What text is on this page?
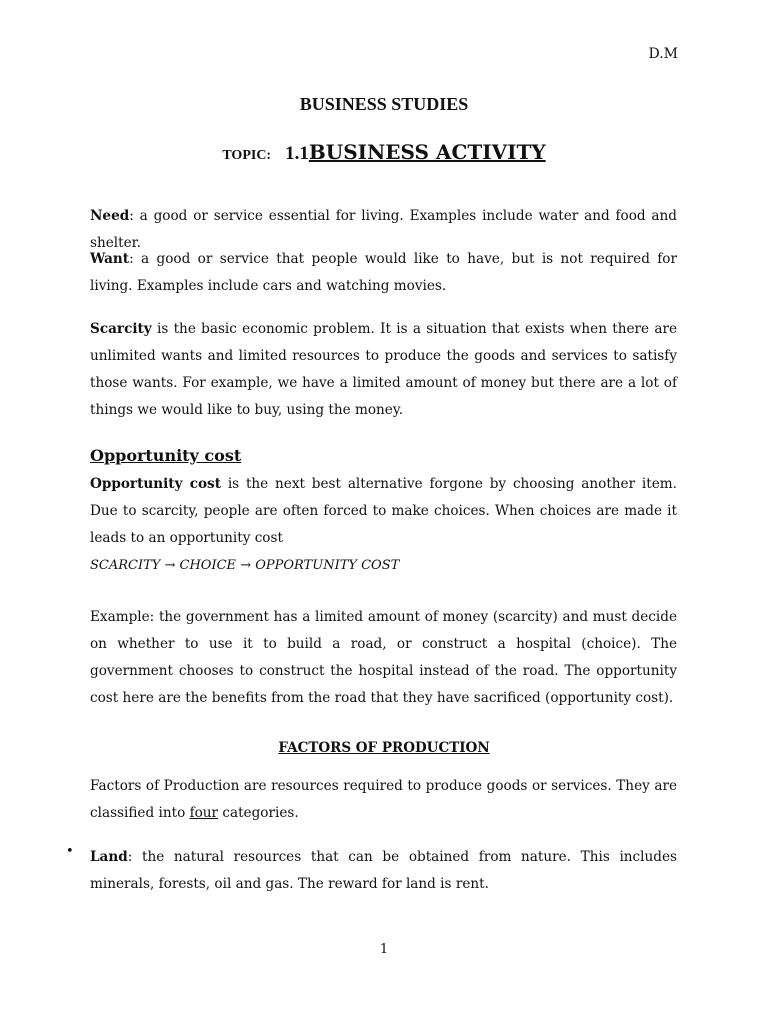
D.M
BUSINESS STUDIES
TOPIC: 1.1BUSINESS ACTIVITY

Need: a good or service essential for living. Examples include water and food and shelter.

Want: a good or service that people would like to have, but is not required for living. Examples include cars and watching movies.

Scarcity is the basic economic problem. It is a situation that exists when there are unlimited wants and limited resources to produce the goods and services to satisfy those wants. For example, we have a limited amount of money but there are a lot of things we would like to buy, using the money.

Opportunity cost

Opportunity cost is the next best alternative forgone by choosing another item. Due to scarcity, people are often forced to make choices. When choices are made it leads to an opportunity cost

SCARCITY → CHOICE → OPPORTUNITY COST

Example: the government has a limited amount of money (scarcity) and must decide on whether to use it to build a road, or construct a hospital (choice). The government chooses to construct the hospital instead of the road. The opportunity cost here are the benefits from the road that they have sacrificed (opportunity cost).

FACTORS OF PRODUCTION

Factors of Production are resources required to produce goods or services. They are classified into four categories.

• Land: the natural resources that can be obtained from nature. This includes minerals, forests, oil and gas. The reward for land is rent.

1
